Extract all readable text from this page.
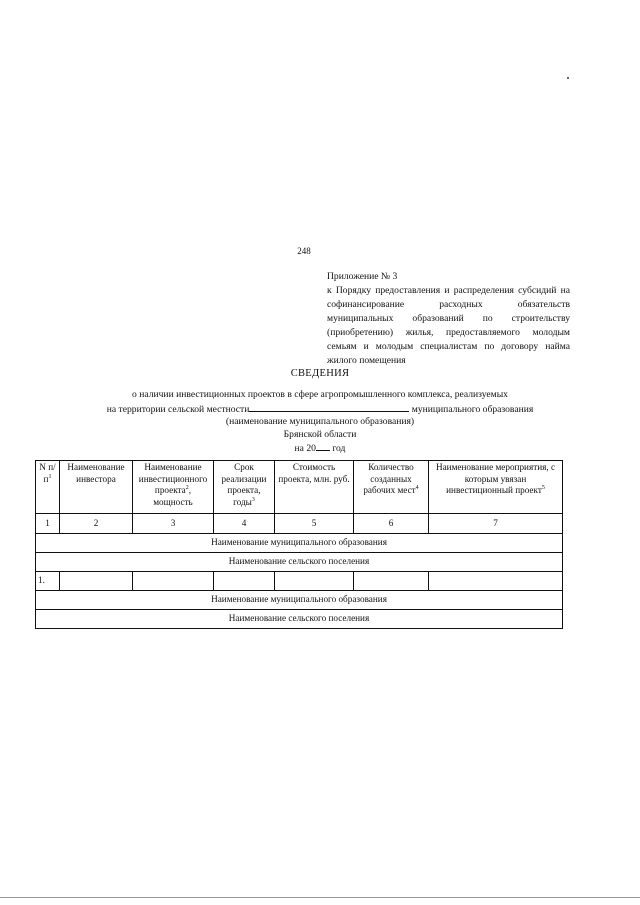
248
Приложение № 3
к Порядку предоставления и распределения субсидий на софинансирование расходных обязательств муниципальных образований по строительству (приобретению) жилья, предоставляемого молодым семьям и молодым специалистам по договору найма жилого помещения
СВЕДЕНИЯ
о наличии инвестиционных проектов в сфере агропромышленного комплекса, реализуемых
на территории сельской местности	муниципального образования
(наименование муниципального образования)
Брянской области
на 20 год
N $п/п^1$	Наименование инвестора	Наименование инвестиционного проекта$^2$, мощность	Срок реализации проекта, годы$^3$	Стоимость проекта, млн. руб.	Количество созданных рабочих мест$^4$	Наименование мероприятия, с которым увязан инвестиционный проект$^5$
1	2	3	4	5	6	7
Наименование муниципального образования						
Наименование сельского поселения						
1.						
Наименование муниципального образования						
Наименование сельского поселения						
